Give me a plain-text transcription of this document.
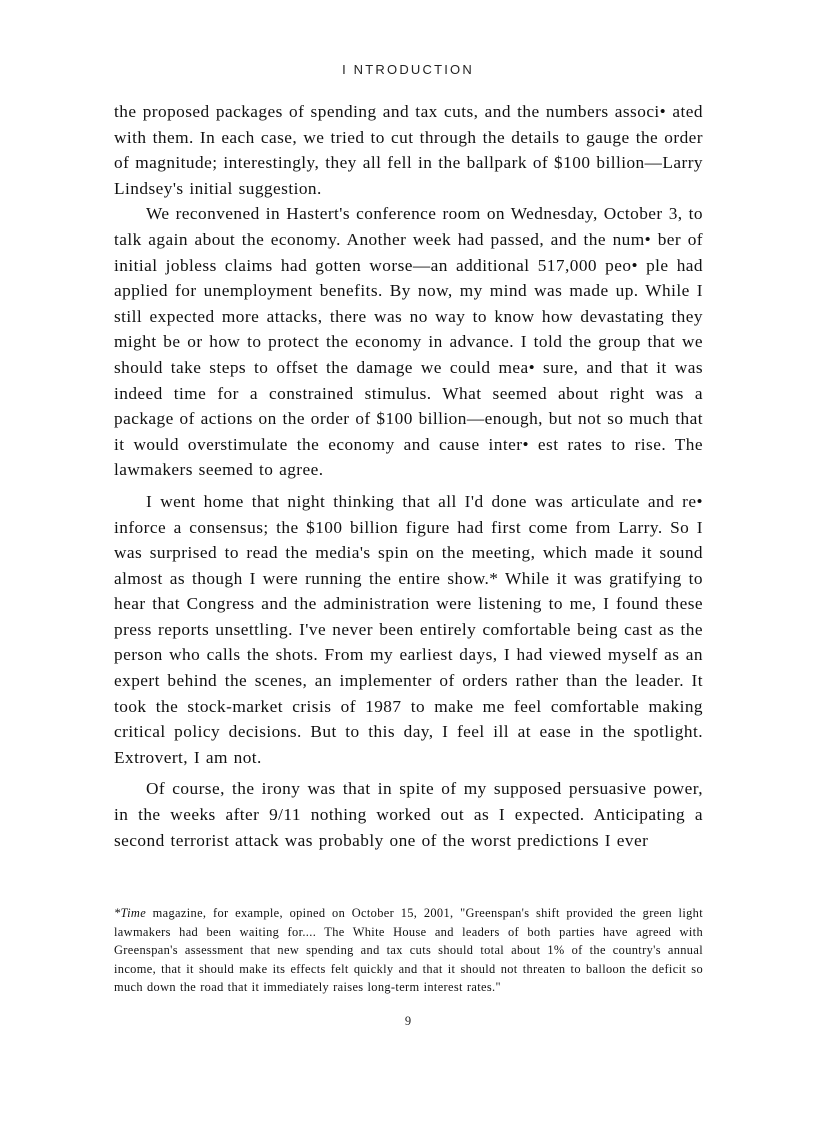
I NTRODUCTION

the proposed packages of spending and tax cuts, and the numbers associ• ated with them. In each case, we tried to cut through the details to gauge the order of magnitude; interestingly, they all fell in the ballpark of $100 billion—Larry Lindsey's initial suggestion.

We reconvened in Hastert's conference room on Wednesday, October 3, to talk again about the economy. Another week had passed, and the num• ber of initial jobless claims had gotten worse—an additional 517,000 peo• ple had applied for unemployment benefits. By now, my mind was made up. While I still expected more attacks, there was no way to know how devastating they might be or how to protect the economy in advance. I told the group that we should take steps to offset the damage we could mea• sure, and that it was indeed time for a constrained stimulus. What seemed about right was a package of actions on the order of $100 billion—enough, but not so much that it would overstimulate the economy and cause inter• est rates to rise. The lawmakers seemed to agree.

I went home that night thinking that all I'd done was articulate and re• inforce a consensus; the $100 billion figure had first come from Larry. So I was surprised to read the media's spin on the meeting, which made it sound almost as though I were running the entire show.* While it was gratifying to hear that Congress and the administration were listening to me, I found these press reports unsettling. I've never been entirely comfortable being cast as the person who calls the shots. From my earliest days, I had viewed myself as an expert behind the scenes, an implementer of orders rather than the leader. It took the stock-market crisis of 1987 to make me feel comfortable making critical policy decisions. But to this day, I feel ill at ease in the spotlight. Extrovert, I am not.

Of course, the irony was that in spite of my supposed persuasive power, in the weeks after 9/11 nothing worked out as I expected. Anticipating a second terrorist attack was probably one of the worst predictions I ever

*Time magazine, for example, opined on October 15, 2001, "Greenspan's shift provided the green light lawmakers had been waiting for.... The White House and leaders of both parties have agreed with Greenspan's assessment that new spending and tax cuts should total about 1% of the country's annual income, that it should make its effects felt quickly and that it should not threaten to balloon the deficit so much down the road that it immediately raises long-term interest rates."

9
